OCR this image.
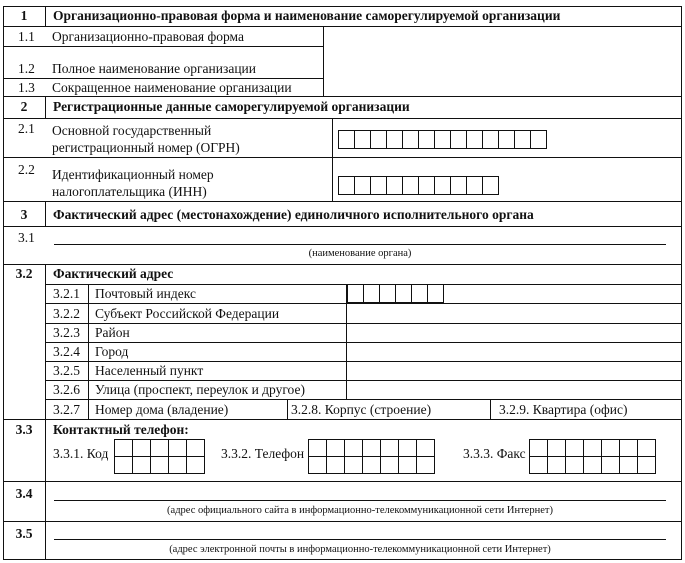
1	Организационно-правовая форма и наименование саморегулируемой организации
1.1 Организационно-правовая форма
1.2 Полное наименование организации
1.3 Сокращенное наименование организации
2	Регистрационные данные саморегулируемой организации
2.1 Основной государственный
регистрационный номер (ОГРН)
2.2 Идентификационный номер
налогоплательщика (ИНН)
3	Фактический адрес (местонахождение) единоличного исполнительного органа
3.1
(наименование органа)
3.2	Фактический адрес
3.2.1	Почтовый индекс
3.2.2	Субъект Российской Федерации
3.2.3	Район
3.2.4	Город
3.2.5	Населенный пункт
3.2.6	Улица (проспект, переулок и другое)
3.2.7	Номер дома (владение)	3.2.8. Корпус (строение)	3.2.9. Квартира (офис)
3.3	Контактный телефон:
3.3.1. Код	3.3.2. Телефон	3.3.3. Факс
3.4
(адрес официального сайта в информационно-телекоммуникационной сети Интернет)
3.5
(адрес электронной почты в информационно-телекоммуникационной сети Интернет)
